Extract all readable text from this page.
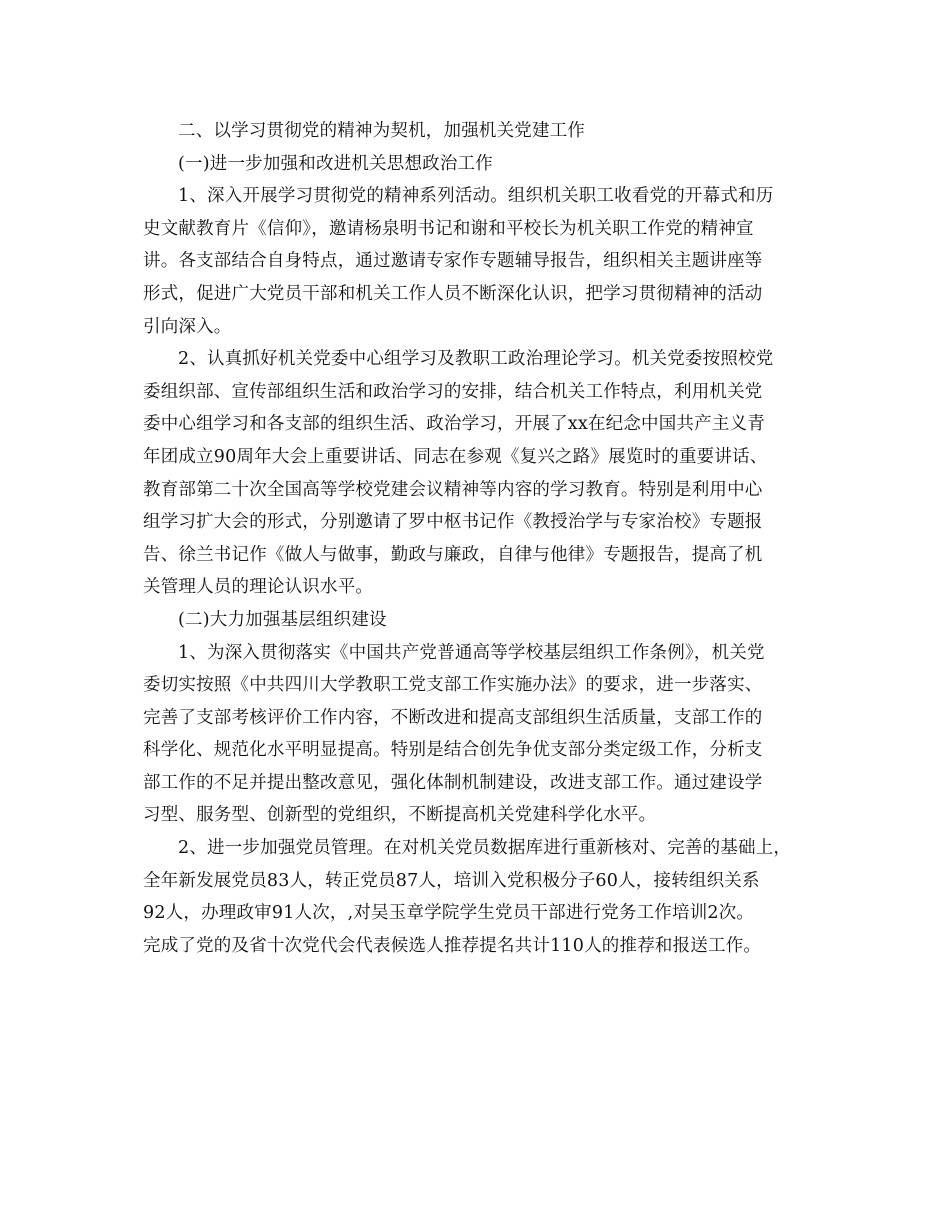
二、以学习贯彻党的精神为契机，加强机关党建工作
(一)进一步加强和改进机关思想政治工作
1、深入开展学习贯彻党的精神系列活动。组织机关职工收看党的开幕式和历
史文献教育片《信仰》，邀请杨泉明书记和谢和平校长为机关职工作党的精神宣
讲。各支部结合自身特点，通过邀请专家作专题辅导报告，组织相关主题讲座等
形式，促进广大党员干部和机关工作人员不断深化认识，把学习贯彻精神的活动
引向深入。
2、认真抓好机关党委中心组学习及教职工政治理论学习。机关党委按照校党
委组织部、宣传部组织生活和政治学习的安排，结合机关工作特点，利用机关党
委中心组学习和各支部的组织生活、政治学习，开展了xx在纪念中国共产主义青
年团成立90周年大会上重要讲话、同志在参观《复兴之路》展览时的重要讲话、
教育部第二十次全国高等学校党建会议精神等内容的学习教育。特别是利用中心
组学习扩大会的形式，分别邀请了罗中枢书记作《教授治学与专家治校》专题报
告、徐兰书记作《做人与做事，勤政与廉政，自律与他律》专题报告，提高了机
关管理人员的理论认识水平。
(二)大力加强基层组织建设
1、为深入贯彻落实《中国共产党普通高等学校基层组织工作条例》，机关党
委切实按照《中共四川大学教职工党支部工作实施办法》的要求，进一步落实、
完善了支部考核评价工作内容，不断改进和提高支部组织生活质量，支部工作的
科学化、规范化水平明显提高。特别是结合创先争优支部分类定级工作，分析支
部工作的不足并提出整改意见，强化体制机制建设，改进支部工作。通过建设学
习型、服务型、创新型的党组织，不断提高机关党建科学化水平。
2、进一步加强党员管理。在对机关党员数据库进行重新核对、完善的基础上，
全年新发展党员83人，转正党员87人，培训入党积极分子60人，接转组织关系
92人，办理政审91人次，,对吴玉章学院学生党员干部进行党务工作培训2次。
完成了党的及省十次党代会代表候选人推荐提名共计110人的推荐和报送工作。
